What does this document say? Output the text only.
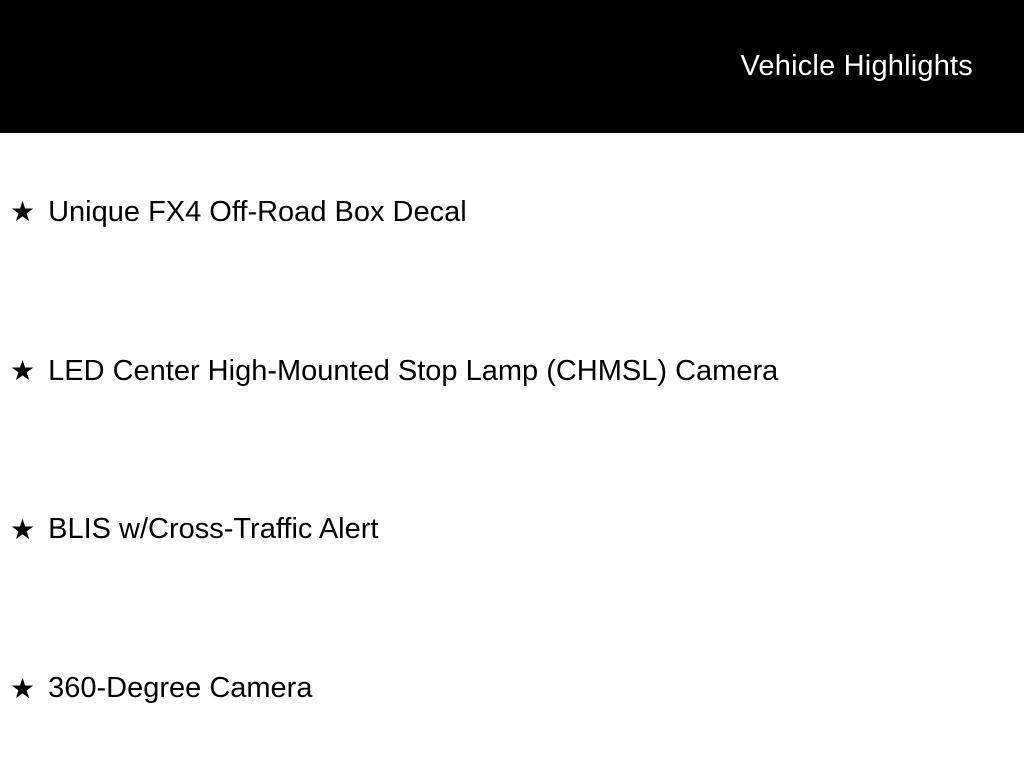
Vehicle Highlights
★ Unique FX4 Off-Road Box Decal
★ LED Center High-Mounted Stop Lamp (CHMSL) Camera
★ BLIS w/Cross-Traffic Alert
★ 360-Degree Camera
